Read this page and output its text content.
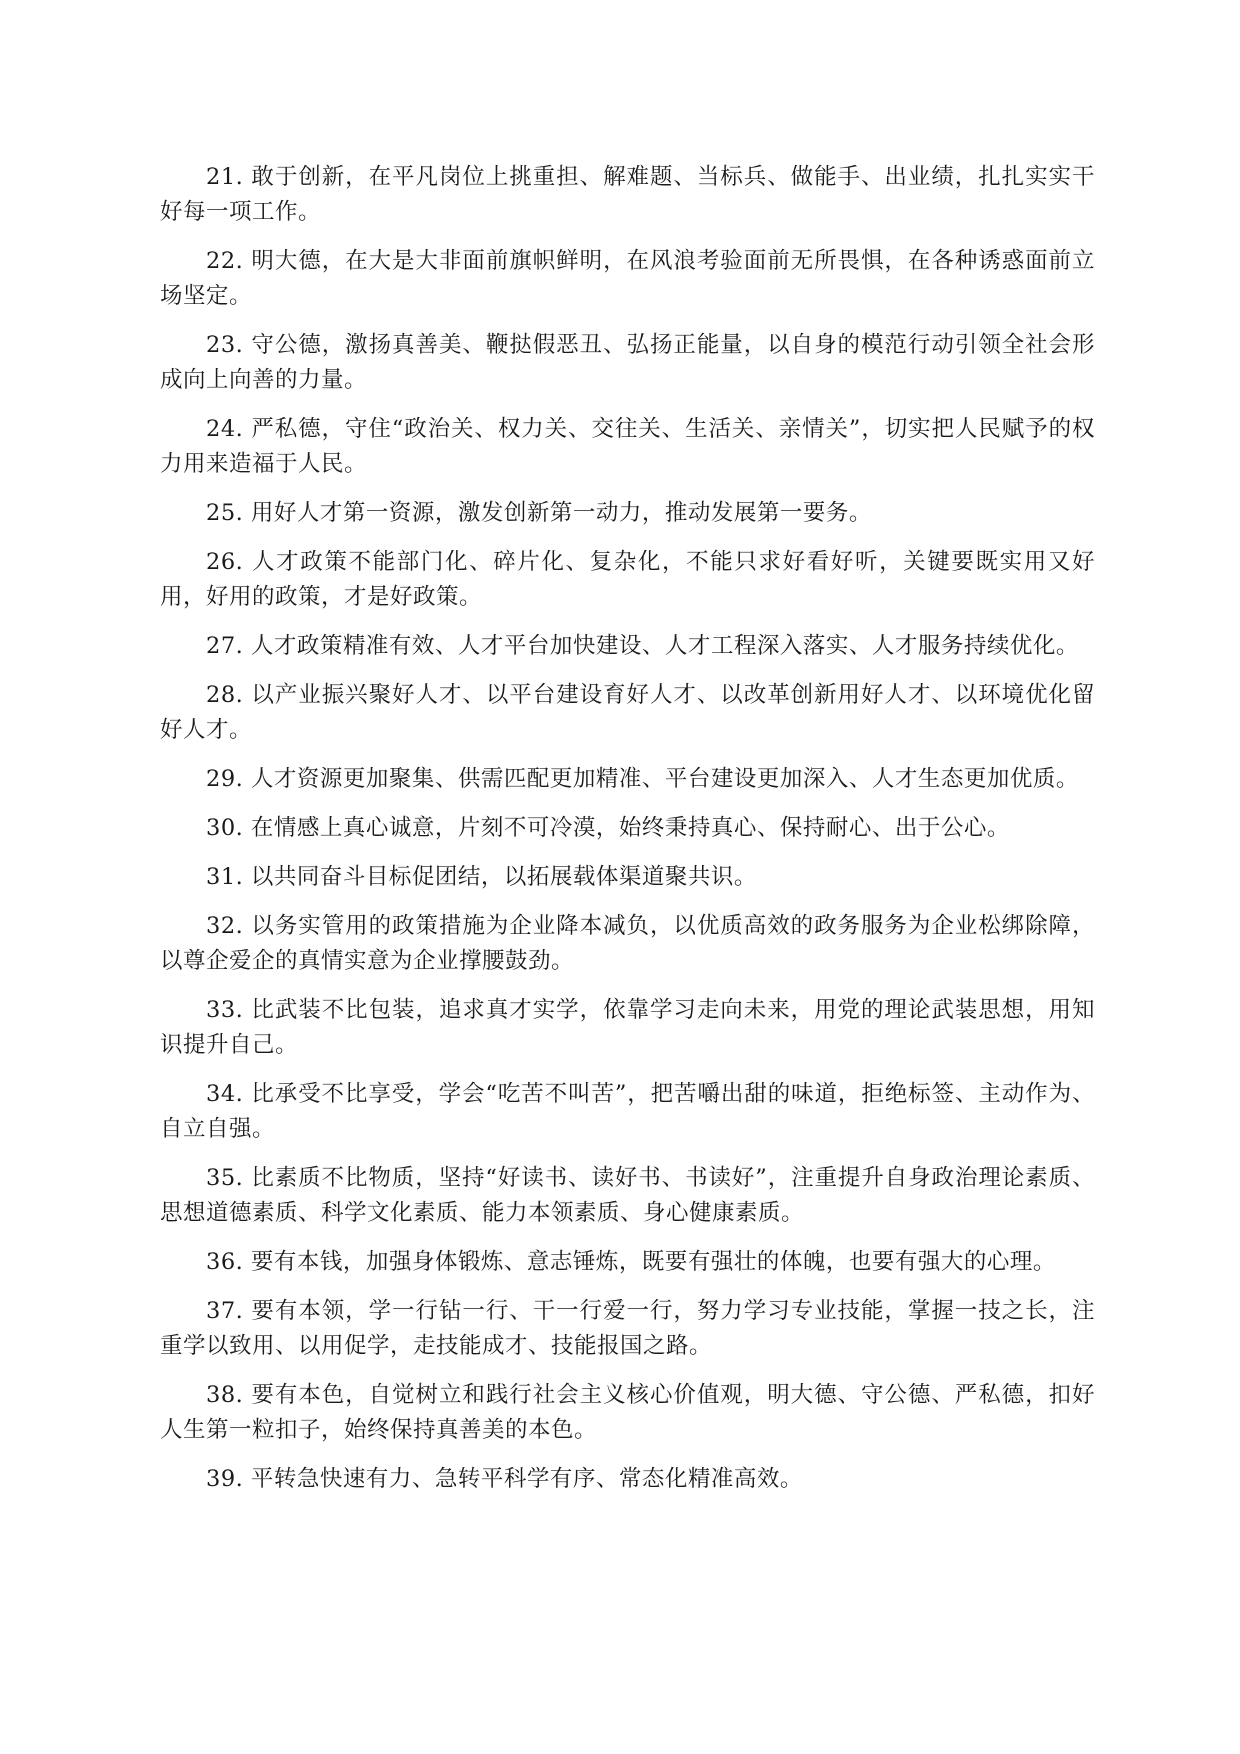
21. 敢于创新，在平凡岗位上挑重担、解难题、当标兵、做能手、出业绩，扎扎实实干好每一项工作。

22. 明大德，在大是大非面前旗帜鲜明，在风浪考验面前无所畏惧，在各种诱惑面前立场坚定。

23. 守公德，激扬真善美、鞭挞假恶丑、弘扬正能量，以自身的模范行动引领全社会形成向上向善的力量。

24. 严私德，守住“政治关、权力关、交往关、生活关、亲情关”，切实把人民赋予的权力用来造福于人民。

25. 用好人才第一资源，激发创新第一动力，推动发展第一要务。

26. 人才政策不能部门化、碎片化、复杂化，不能只求好看好听，关键要既实用又好用，好用的政策，才是好政策。

27. 人才政策精准有效、人才平台加快建设、人才工程深入落实、人才服务持续优化。

28. 以产业振兴聚好人才、以平台建设育好人才、以改革创新用好人才、以环境优化留好人才。

29. 人才资源更加聚集、供需匹配更加精准、平台建设更加深入、人才生态更加优质。

30. 在情感上真心诚意，片刻不可冷漠，始终秉持真心、保持耐心、出于公心。

31. 以共同奋斗目标促团结，以拓展载体渠道聚共识。

32. 以务实管用的政策措施为企业降本减负，以优质高效的政务服务为企业松绑除障，以尊企爱企的真情实意为企业撑腰鼓劲。

33. 比武装不比包装，追求真才实学，依靠学习走向未来，用党的理论武装思想，用知识提升自己。

34. 比承受不比享受，学会“吃苦不叫苦”，把苦嚼出甜的味道，拒绝标签、主动作为、自立自强。

35. 比素质不比物质，坚持“好读书、读好书、书读好”，注重提升自身政治理论素质、思想道德素质、科学文化素质、能力本领素质、身心健康素质。

36. 要有本钱，加强身体锻炼、意志锤炼，既要有强壮的体魄，也要有强大的心理。

37. 要有本领，学一行钻一行、干一行爱一行，努力学习专业技能，掌握一技之长，注重学以致用、以用促学，走技能成才、技能报国之路。

38. 要有本色，自觉树立和践行社会主义核心价值观，明大德、守公德、严私德，扣好人生第一粒扣子，始终保持真善美的本色。

39. 平转急快速有力、急转平科学有序、常态化精准高效。
